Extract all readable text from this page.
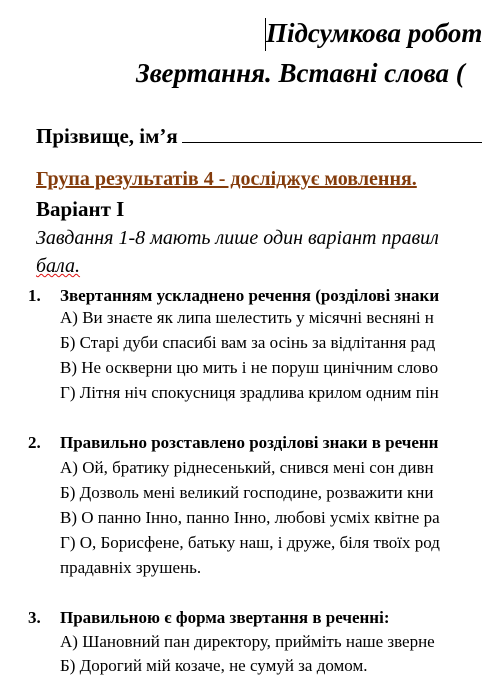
Підсумкова робот
Звертання. Вставні слова (
Прізвище, ім’я
Група результатів 4 - досліджує мовлення.
Варіант І
Завдання 1-8 мають лише один варіант правил
бала.
1. Звертанням ускладнено речення (розділові знаки
А) Ви знаєте як липа шелестить у місячні весняні н
Б) Старі дуби спасибі вам за осінь за відлітання рад
В) Не оскверни цю мить і не поруш цинічним слово
Г) Літня ніч спокусниця зрадлива крилом одним пін
2. Правильно розставлено розділові знаки в реченн
А) Ой, братику ріднесенький, снився мені сон дивн
Б) Дозволь мені великий господине, розважити кни
В) О панно Інно, панно Інно, любові усміх квітне ра
Г) О, Борисфене, батьку наш, і друже, біля твоїх род
прадавніх зрушень.
3. Правильною є форма звертання в реченні:
А) Шановний пан директору, прийміть наше зверне
Б) Дорогий мій козаче, не сумуй за домом.
